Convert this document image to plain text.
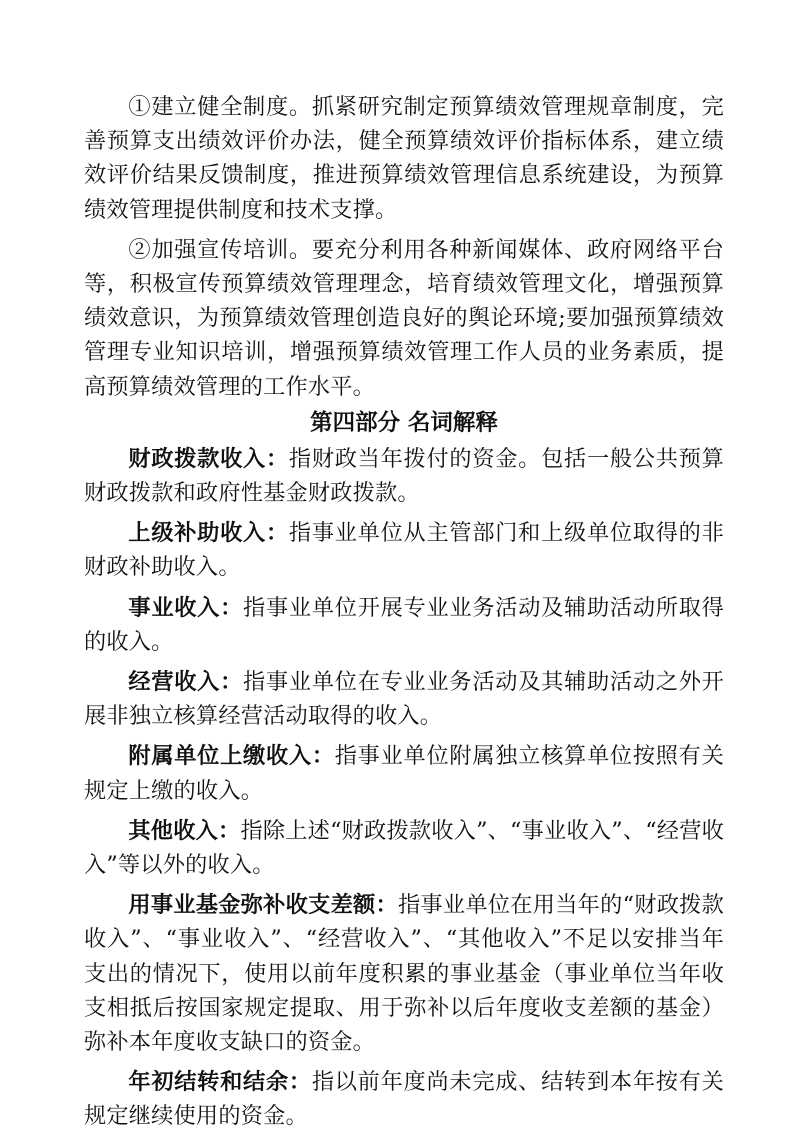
①建立健全制度。抓紧研究制定预算绩效管理规章制度，完善预算支出绩效评价办法，健全预算绩效评价指标体系，建立绩效评价结果反馈制度，推进预算绩效管理信息系统建设，为预算绩效管理提供制度和技术支撑。

②加强宣传培训。要充分利用各种新闻媒体、政府网络平台等，积极宣传预算绩效管理理念，培育绩效管理文化，增强预算绩效意识，为预算绩效管理创造良好的舆论环境;要加强预算绩效管理专业知识培训，增强预算绩效管理工作人员的业务素质，提高预算绩效管理的工作水平。

第四部分 名词解释

财政拨款收入：指财政当年拨付的资金。包括一般公共预算财政拨款和政府性基金财政拨款。

上级补助收入：指事业单位从主管部门和上级单位取得的非财政补助收入。

事业收入：指事业单位开展专业业务活动及辅助活动所取得的收入。

经营收入：指事业单位在专业业务活动及其辅助活动之外开展非独立核算经营活动取得的收入。

附属单位上缴收入：指事业单位附属独立核算单位按照有关规定上缴的收入。

其他收入：指除上述“财政拨款收入”、“事业收入”、“经营收入”等以外的收入。

用事业基金弥补收支差额：指事业单位在用当年的“财政拨款收入”、“事业收入”、“经营收入”、“其他收入”不足以安排当年支出的情况下，使用以前年度积累的事业基金（事业单位当年收支相抵后按国家规定提取、用于弥补以后年度收支差额的基金）弥补本年度收支缺口的资金。

年初结转和结余：指以前年度尚未完成、结转到本年按有关规定继续使用的资金。
